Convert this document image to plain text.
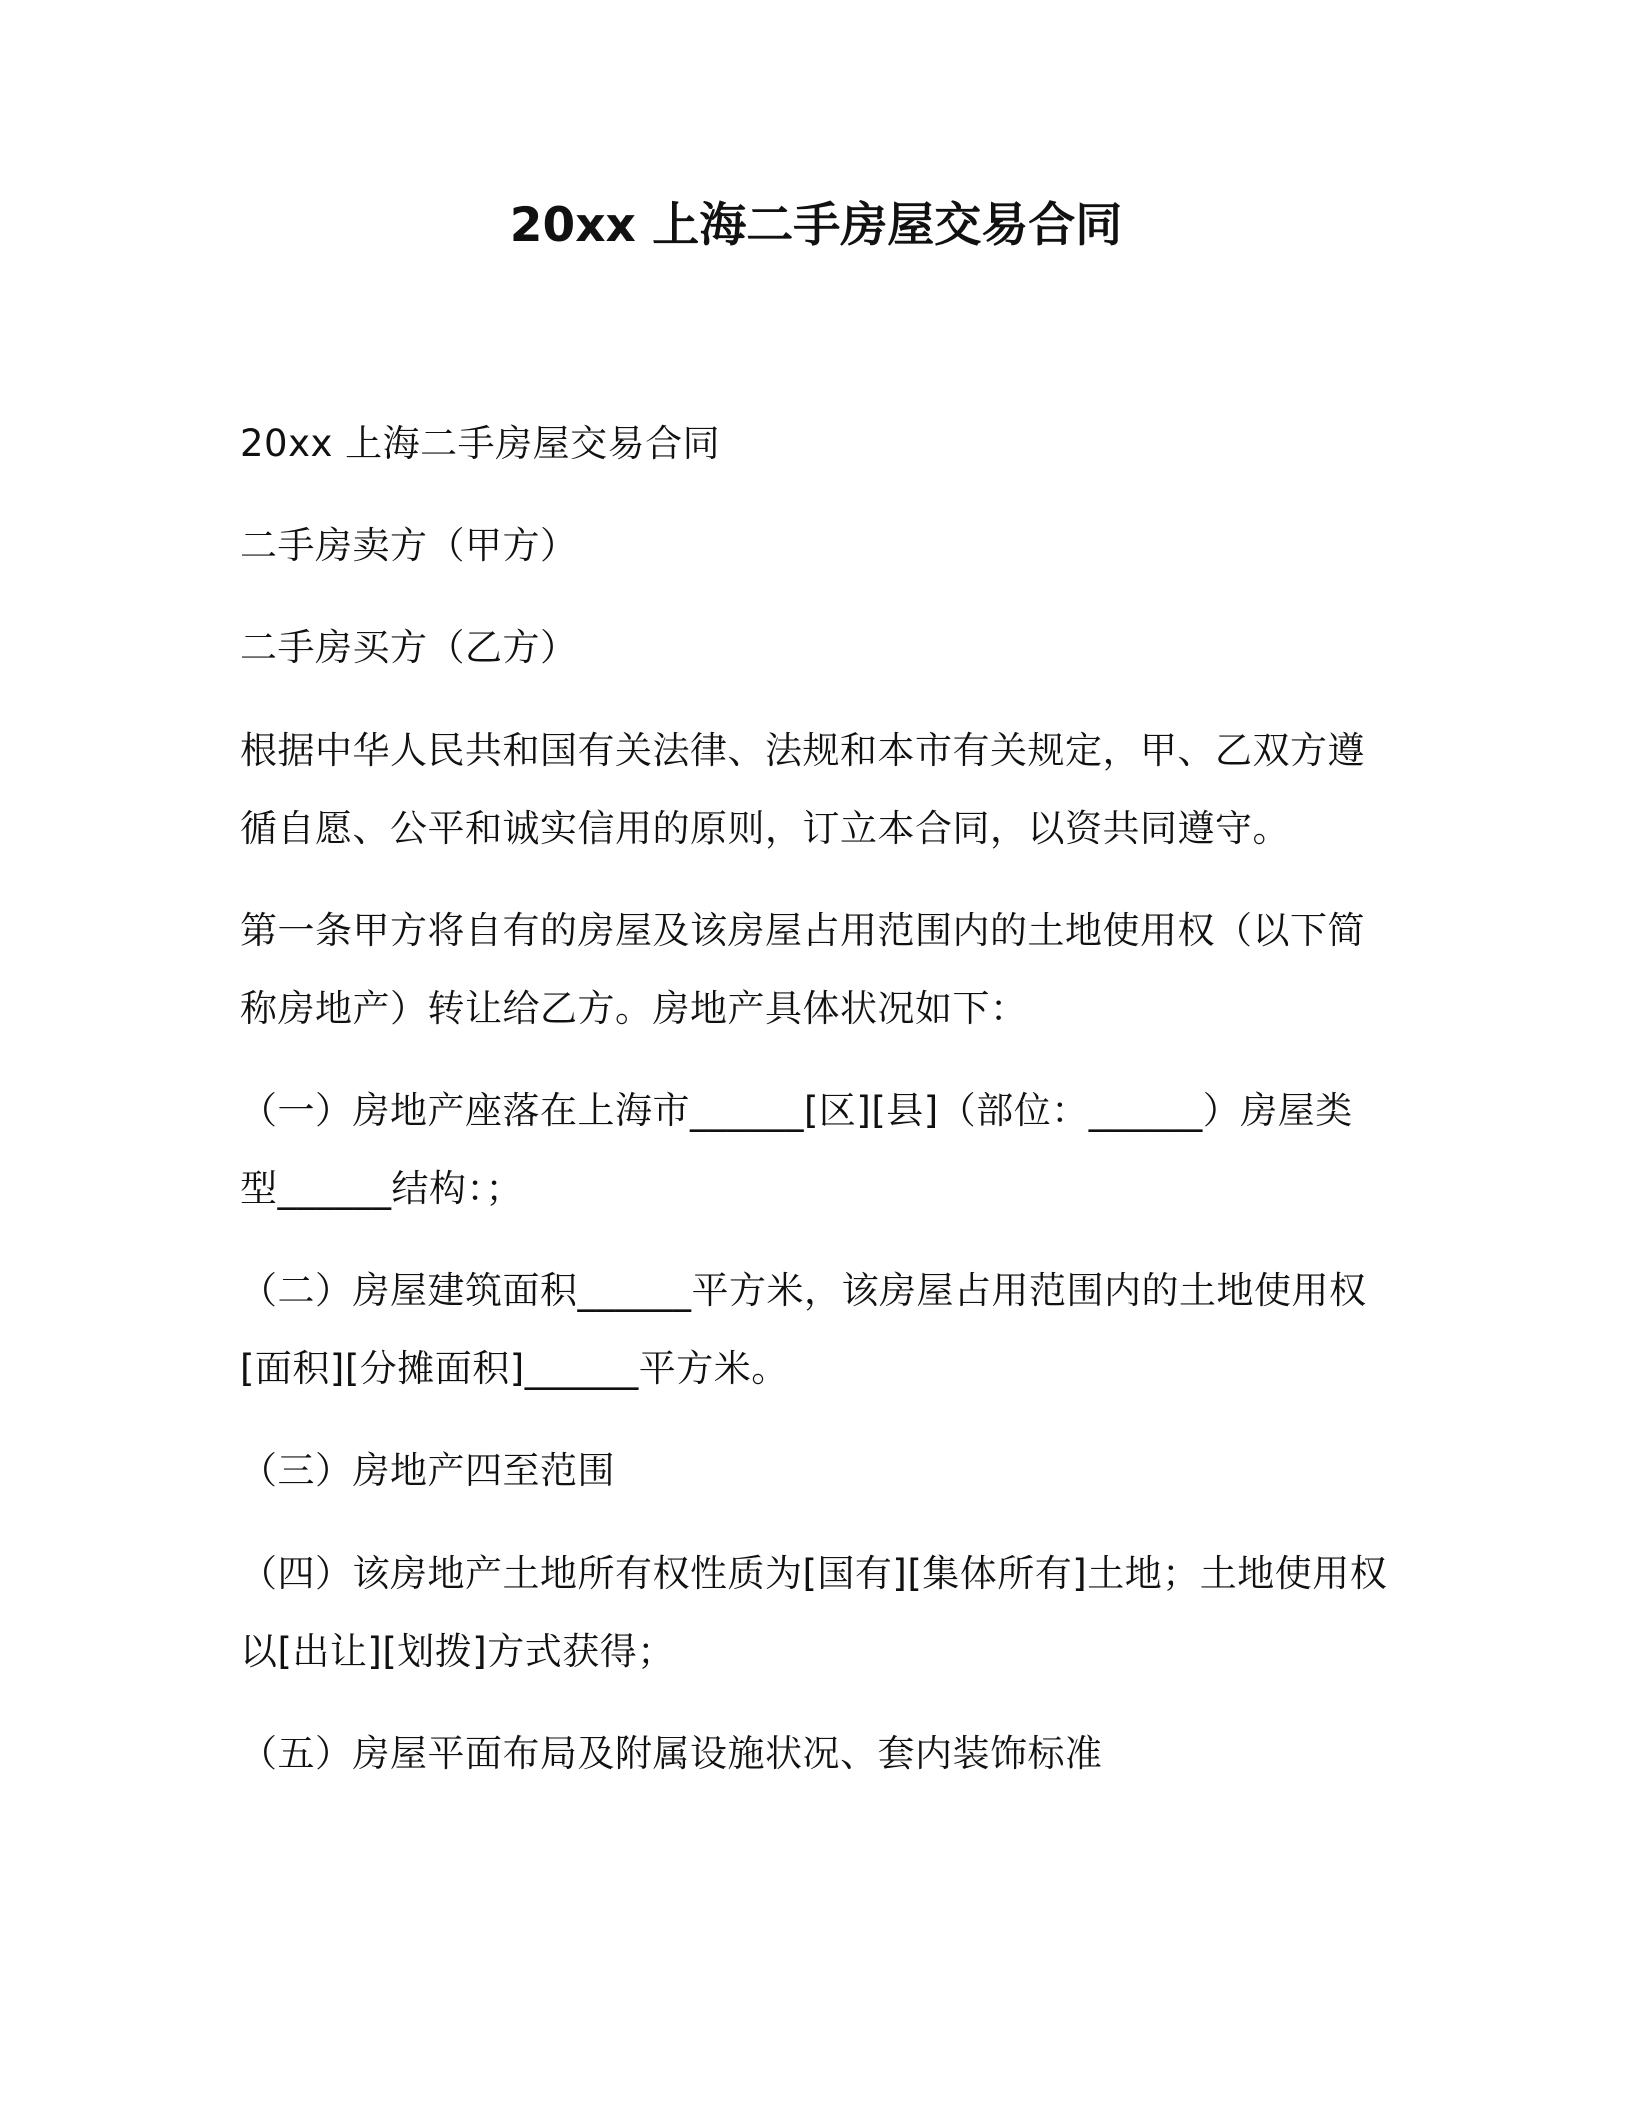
20xx 上海二手房屋交易合同
20xx 上海二手房屋交易合同
二手房卖方（甲方）
二手房买方（乙方）
根据中华人民共和国有关法律、法规和本市有关规定，甲、乙双方遵
循自愿、公平和诚实信用的原则，订立本合同，以资共同遵守。
第一条甲方将自有的房屋及该房屋占用范围内的土地使用权（以下简
称房地产）转让给乙方。房地产具体状况如下：
（一）房地产座落在上海市______[区][县]（部位：______）房屋类
型______结构：；
（二）房屋建筑面积______平方米，该房屋占用范围内的土地使用权
[面积][分摊面积]______平方米。
（三）房地产四至范围
（四）该房地产土地所有权性质为[国有][集体所有]土地；土地使用权
以[出让][划拨]方式获得；
（五）房屋平面布局及附属设施状况、套内装饰标准
